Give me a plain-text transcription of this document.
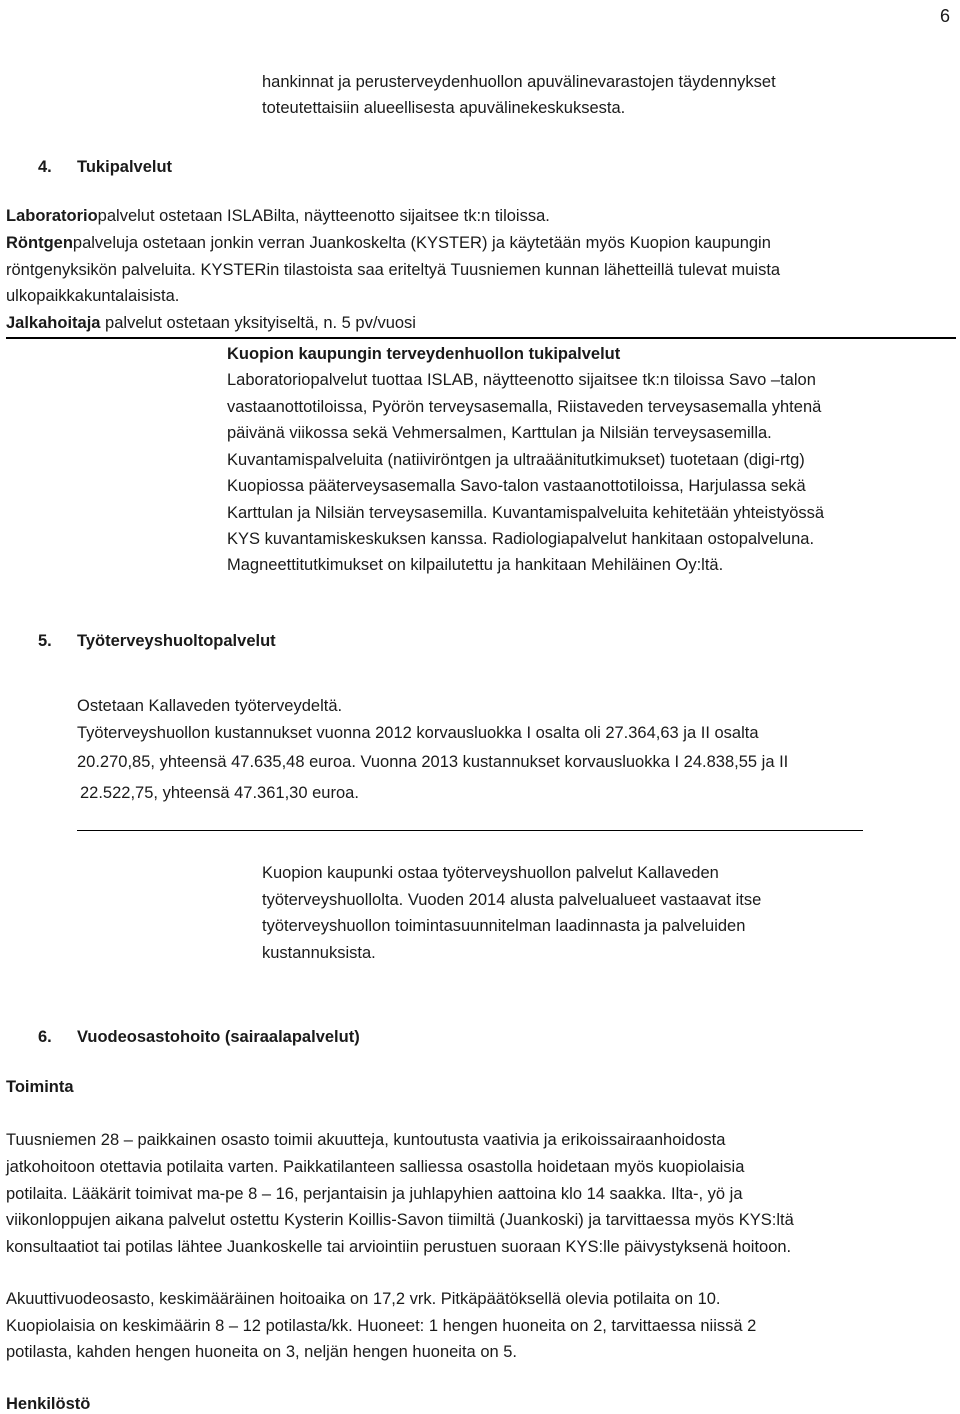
6
hankinnat ja perusterveydenhuollon apuvälinevarastojen täydennykset
toteutettaisiin alueellisesta apuvälinekeskuksesta.
4. Tukipalvelut
Laboratoriopalvelut ostetaan ISLABilta, näytteenotto sijaitsee tk:n tiloissa.
Röntgenpalveluja ostetaan jonkin verran Juankoskelta (KYSTER) ja käytetään myös Kuopion kaupungin
röntgenyksikön palveluita. KYSTERin tilastoista saa eriteltyä Tuusniemen kunnan lähetteillä tulevat muista
ulkopaikkakuntalaisista.
Jalkahoitaja palvelut ostetaan yksityiseltä, n. 5 pv/vuosi
Kuopion kaupungin terveydenhuollon tukipalvelut
Laboratoriopalvelut tuottaa ISLAB, näytteenotto sijaitsee tk:n tiloissa Savo –talon
vastaanottotiloissa, Pyörön terveysasemalla, Riistaveden terveysasemalla yhtenä
päivänä viikossa sekä Vehmersalmen, Karttulan ja Nilsiän terveysasemilla.
Kuvantamispalveluita (natiiviröntgen ja ultraäänitutkimukset) tuotetaan (digi-rtg)
Kuopiossa pääterveysasemalla Savo-talon vastaanottotiloissa, Harjulassa sekä
Karttulan ja Nilsiän terveysasemilla. Kuvantamispalveluita kehitetään yhteistyössä
KYS kuvantamiskeskuksen kanssa. Radiologiapalvelut hankitaan ostopalveluna.
Magneettitutkimukset on kilpailutettu ja hankitaan Mehiläinen Oy:ltä.
5. Työterveyshuoltopalvelut
Ostetaan Kallaveden työterveydeltä.
Työterveyshuollon kustannukset vuonna 2012 korvausluokka I osalta oli 27.364,63 ja II osalta
20.270,85, yhteensä 47.635,48 euroa. Vuonna 2013 kustannukset korvausluokka I 24.838,55 ja II
22.522,75, yhteensä 47.361,30 euroa.
Kuopion kaupunki ostaa työterveyshuollon palvelut Kallaveden
työterveyshuollolta. Vuoden 2014 alusta palvelualueet vastaavat itse
työterveyshuollon toimintasuunnitelman laadinnasta ja palveluiden
kustannuksista.
6. Vuodeosastohoito (sairaalapalvelut)
Toiminta
Tuusniemen 28 – paikkainen osasto toimii akuutteja, kuntoutusta vaativia ja erikoissairaanhoidosta
jatkohoitoon otettavia potilaita varten. Paikkatilanteen salliessa osastolla hoidetaan myös kuopiolaisia
potilaita. Lääkärit toimivat ma-pe 8 – 16, perjantaisin ja juhlapyhien aattoina klo 14 saakka. Ilta-, yö ja
viikonloppujen aikana palvelut ostettu Kysterin Koillis-Savon tiimiltä (Juankoski) ja tarvittaessa myös KYS:ltä
konsultaatiot tai potilas lähtee Juankoskelle tai arviointiin perustuen suoraan KYS:lle päivystyksenä hoitoon.
Akuuttivuodeosasto, keskimääräinen hoitoaika on 17,2 vrk. Pitkäpäätöksellä olevia potilaita on 10.
Kuopiolaisia on keskimäärin 8 – 12 potilasta/kk. Huoneet: 1 hengen huoneita on 2, tarvittaessa niissä 2
potilasta, kahden hengen huoneita on 3, neljän hengen huoneita on 5.
Henkilöstö
